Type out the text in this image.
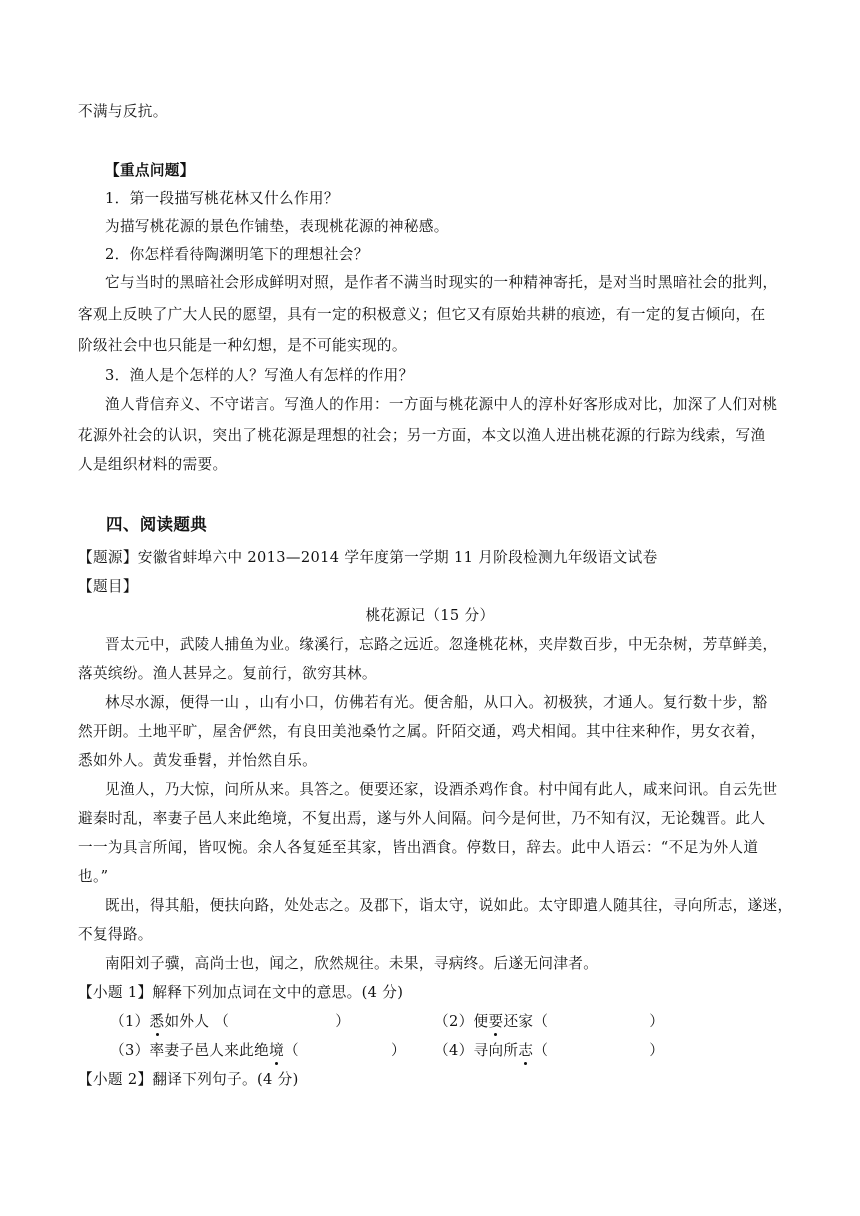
不满与反抗。
【重点问题】
1．第一段描写桃花林又什么作用？
为描写桃花源的景色作铺垫，表现桃花源的神秘感。
2．你怎样看待陶渊明笔下的理想社会？
它与当时的黑暗社会形成鲜明对照，是作者不满当时现实的一种精神寄托，是对当时黑暗社会的批判，
客观上反映了广大人民的愿望，具有一定的积极意义；但它又有原始共耕的痕迹，有一定的复古倾向，在
阶级社会中也只能是一种幻想，是不可能实现的。
3．渔人是个怎样的人？写渔人有怎样的作用？
渔人背信弃义、不守诺言。写渔人的作用：一方面与桃花源中人的淳朴好客形成对比，加深了人们对桃
花源外社会的认识，突出了桃花源是理想的社会；另一方面，本文以渔人进出桃花源的行踪为线索，写渔
人是组织材料的需要。
四、阅读题典
【题源】安徽省蚌埠六中 2013—2014 学年度第一学期 11 月阶段检测九年级语文试卷
【题目】
桃花源记（15 分）
晋太元中，武陵人捕鱼为业。缘溪行，忘路之远近。忽逢桃花林，夹岸数百步，中无杂树，芳草鲜美，
落英缤纷。渔人甚异之。复前行，欲穷其林。
林尽水源，便得一山 ，山有小口，仿佛若有光。便舍船，从口入。初极狭，才通人。复行数十步，豁
然开朗。土地平旷，屋舍俨然，有良田美池桑竹之属。阡陌交通，鸡犬相闻。其中往来种作，男女衣着，
悉如外人。黄发垂髫，并怡然自乐。
见渔人，乃大惊，问所从来。具答之。便要还家，设酒杀鸡作食。村中闻有此人，咸来问讯。自云先世
避秦时乱，率妻子邑人来此绝境，不复出焉，遂与外人间隔。问今是何世，乃不知有汉，无论魏晋。此人
一一为具言所闻，皆叹惋。余人各复延至其家，皆出酒食。停数日，辞去。此中人语云：“不足为外人道
也。”
既出，得其船，便扶向路，处处志之。及郡下，诣太守，说如此。太守即遣人随其往，寻向所志，遂迷，
不复得路。
南阳刘子骥，高尚士也，闻之，欣然规往。未果，寻病终。后遂无问津者。
【小题 1】解释下列加点词在文中的意思。(4 分)
（1）悉如外人 （	）	（2）便要还家（	）
（3）率妻子邑人来此绝境（	）	（4）寻向所志（	）
【小题 2】翻译下列句子。(4 分)
